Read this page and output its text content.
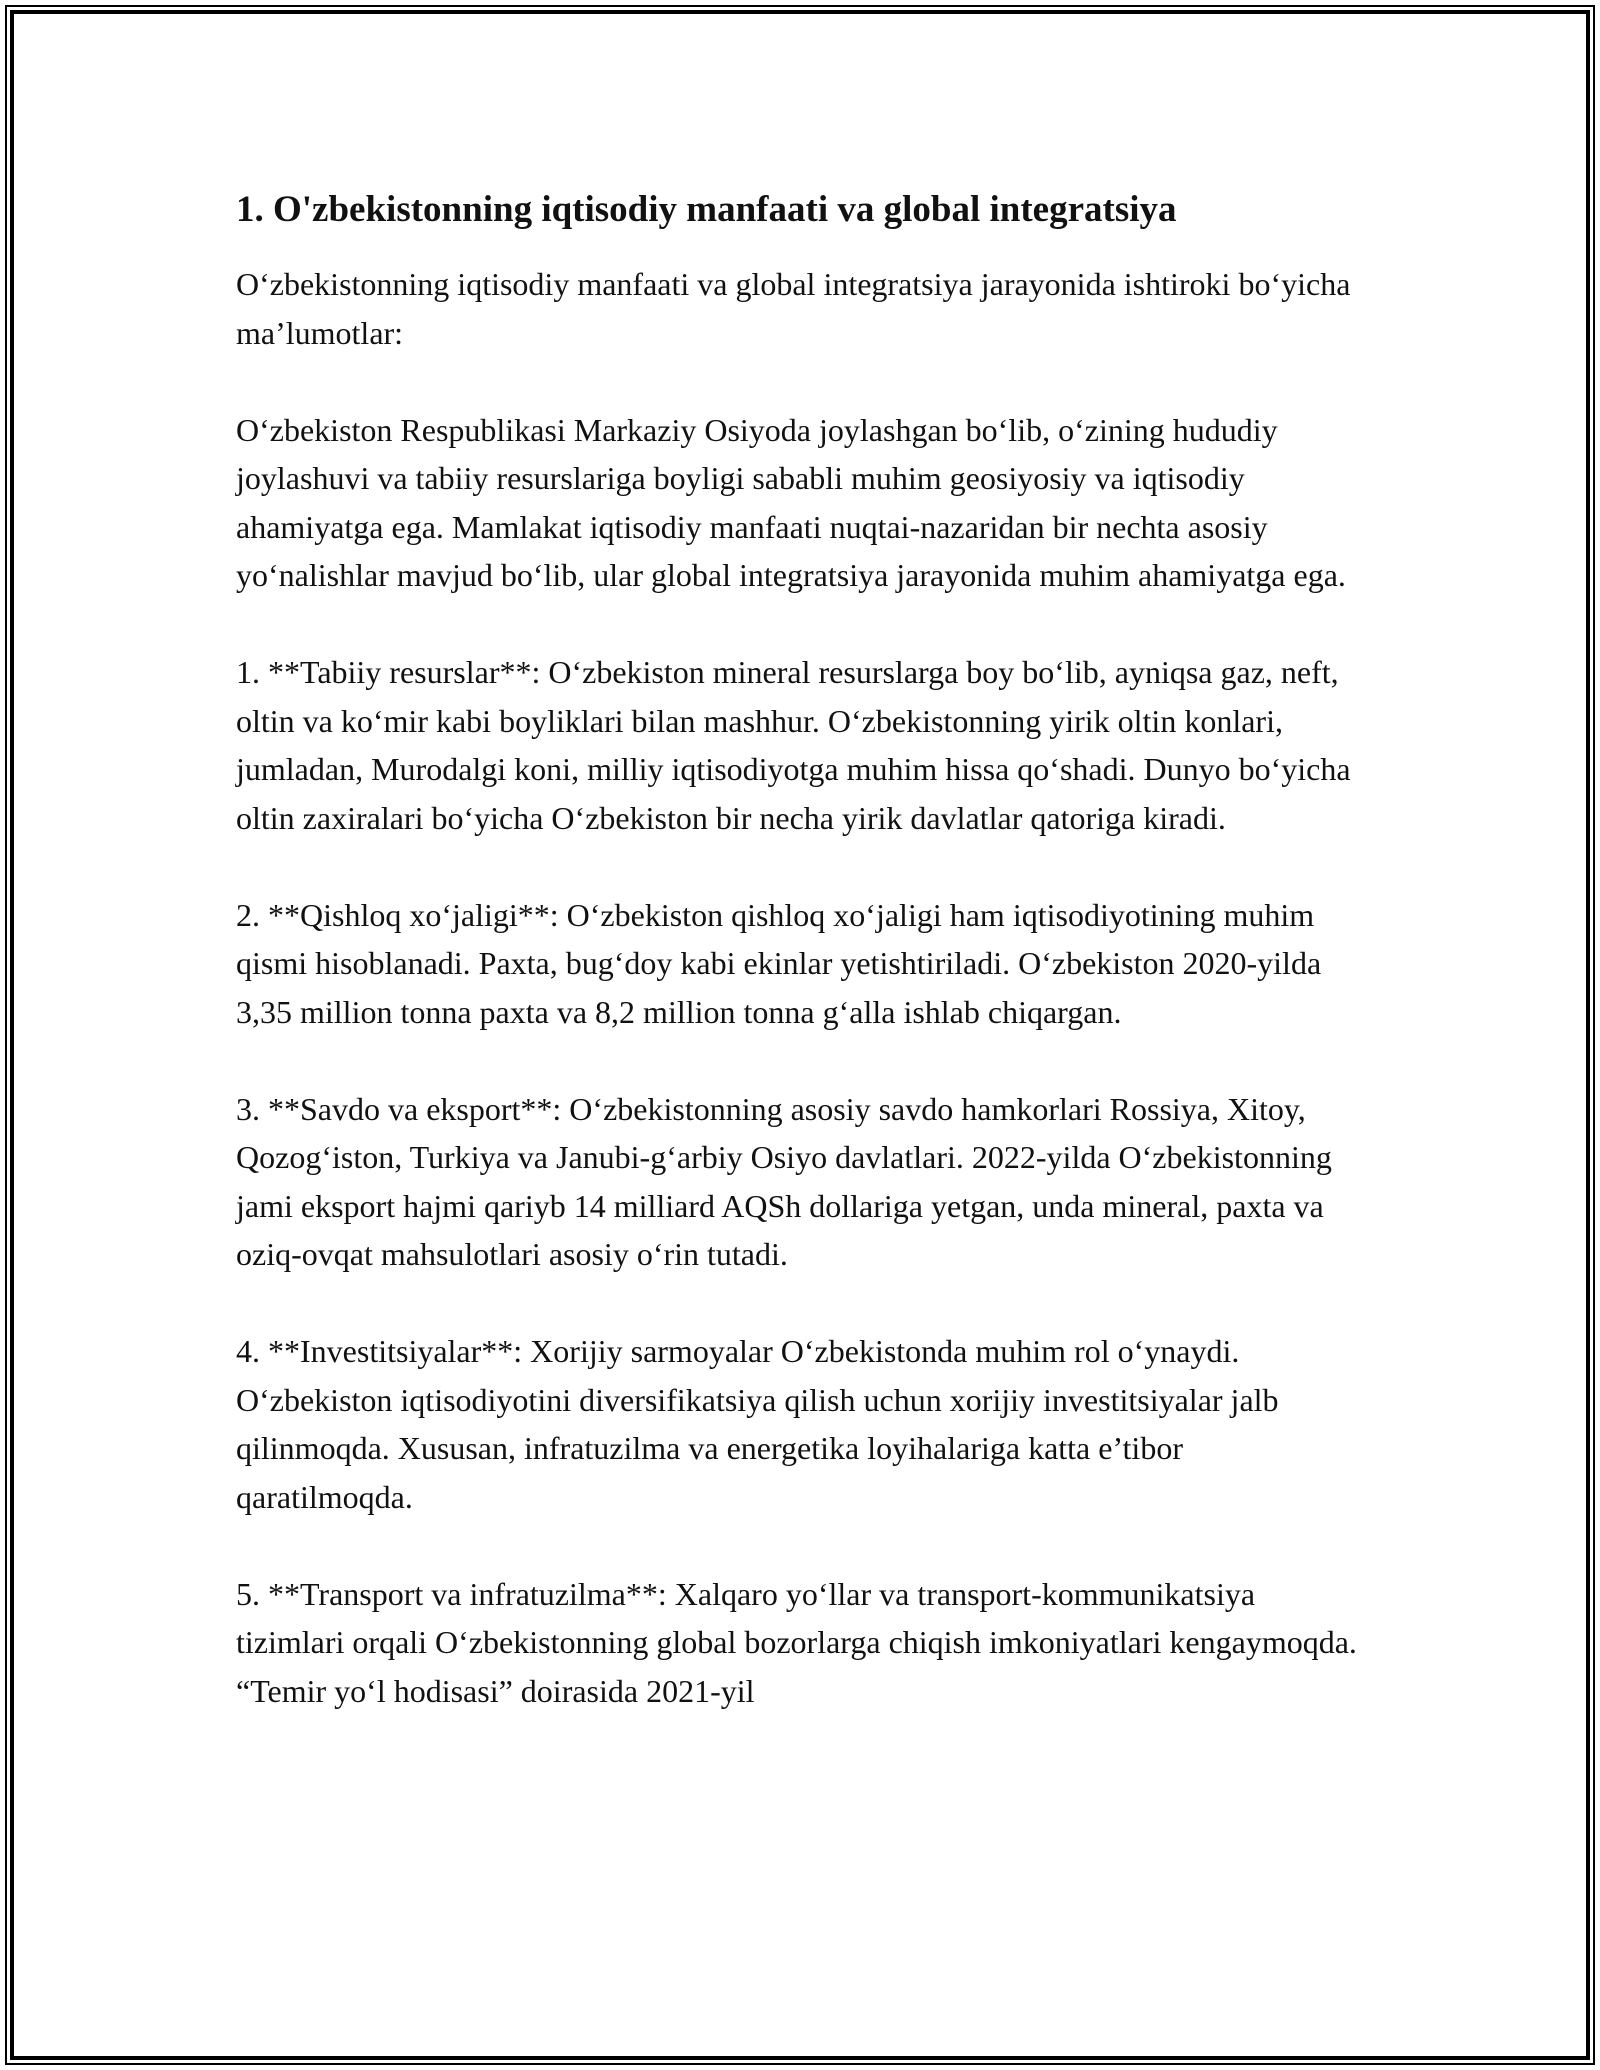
1. O'zbekistonning iqtisodiy manfaati va global integratsiya

O‘zbekistonning iqtisodiy manfaati va global integratsiya jarayonida ishtiroki bo‘yicha ma’lumotlar:

O‘zbekiston Respublikasi Markaziy Osiyoda joylashgan bo‘lib, o‘zining hududiy joylashuvi va tabiiy resurslariga boyligi sababli muhim geosiyosiy va iqtisodiy ahamiyatga ega. Mamlakat iqtisodiy manfaati nuqtai-nazaridan bir nechta asosiy yo‘nalishlar mavjud bo‘lib, ular global integratsiya jarayonida muhim ahamiyatga ega.

1. **Tabiiy resurslar**: O‘zbekiston mineral resurslarga boy bo‘lib, ayniqsa gaz, neft, oltin va ko‘mir kabi boyliklari bilan mashhur. O‘zbekistonning yirik oltin konlari, jumladan, Murodalgi koni, milliy iqtisodiyotga muhim hissa qo‘shadi. Dunyo bo‘yicha oltin zaxiralari bo‘yicha O‘zbekiston bir necha yirik davlatlar qatoriga kiradi.

2. **Qishloq xo‘jaligi**: O‘zbekiston qishloq xo‘jaligi ham iqtisodiyotining muhim qismi hisoblanadi. Paxta, bug‘doy kabi ekinlar yetishtiriladi. O‘zbekiston 2020-yilda 3,35 million tonna paxta va 8,2 million tonna g‘alla ishlab chiqargan.

3. **Savdo va eksport**: O‘zbekistonning asosiy savdo hamkorlari Rossiya, Xitoy, Qozog‘iston, Turkiya va Janubi-g‘arbiy Osiyo davlatlari. 2022-yilda O‘zbekistonning jami eksport hajmi qariyb 14 milliard AQSh dollariga yetgan, unda mineral, paxta va oziq-ovqat mahsulotlari asosiy o‘rin tutadi.

4. **Investitsiyalar**: Xorijiy sarmoyalar O‘zbekistonda muhim rol o‘ynaydi. O‘zbekiston iqtisodiyotini diversifikatsiya qilish uchun xorijiy investitsiyalar jalb qilinmoqda. Xususan, infratuzilma va energetika loyihalariga katta e’tibor qaratilmoqda.

5. **Transport va infratuzilma**: Xalqaro yo‘llar va transport-kommunikatsiya tizimlari orqali O‘zbekistonning global bozorlarga chiqish imkoniyatlari kengaymoqda. “Temir yo‘l hodisasi” doirasida 2021-yil
